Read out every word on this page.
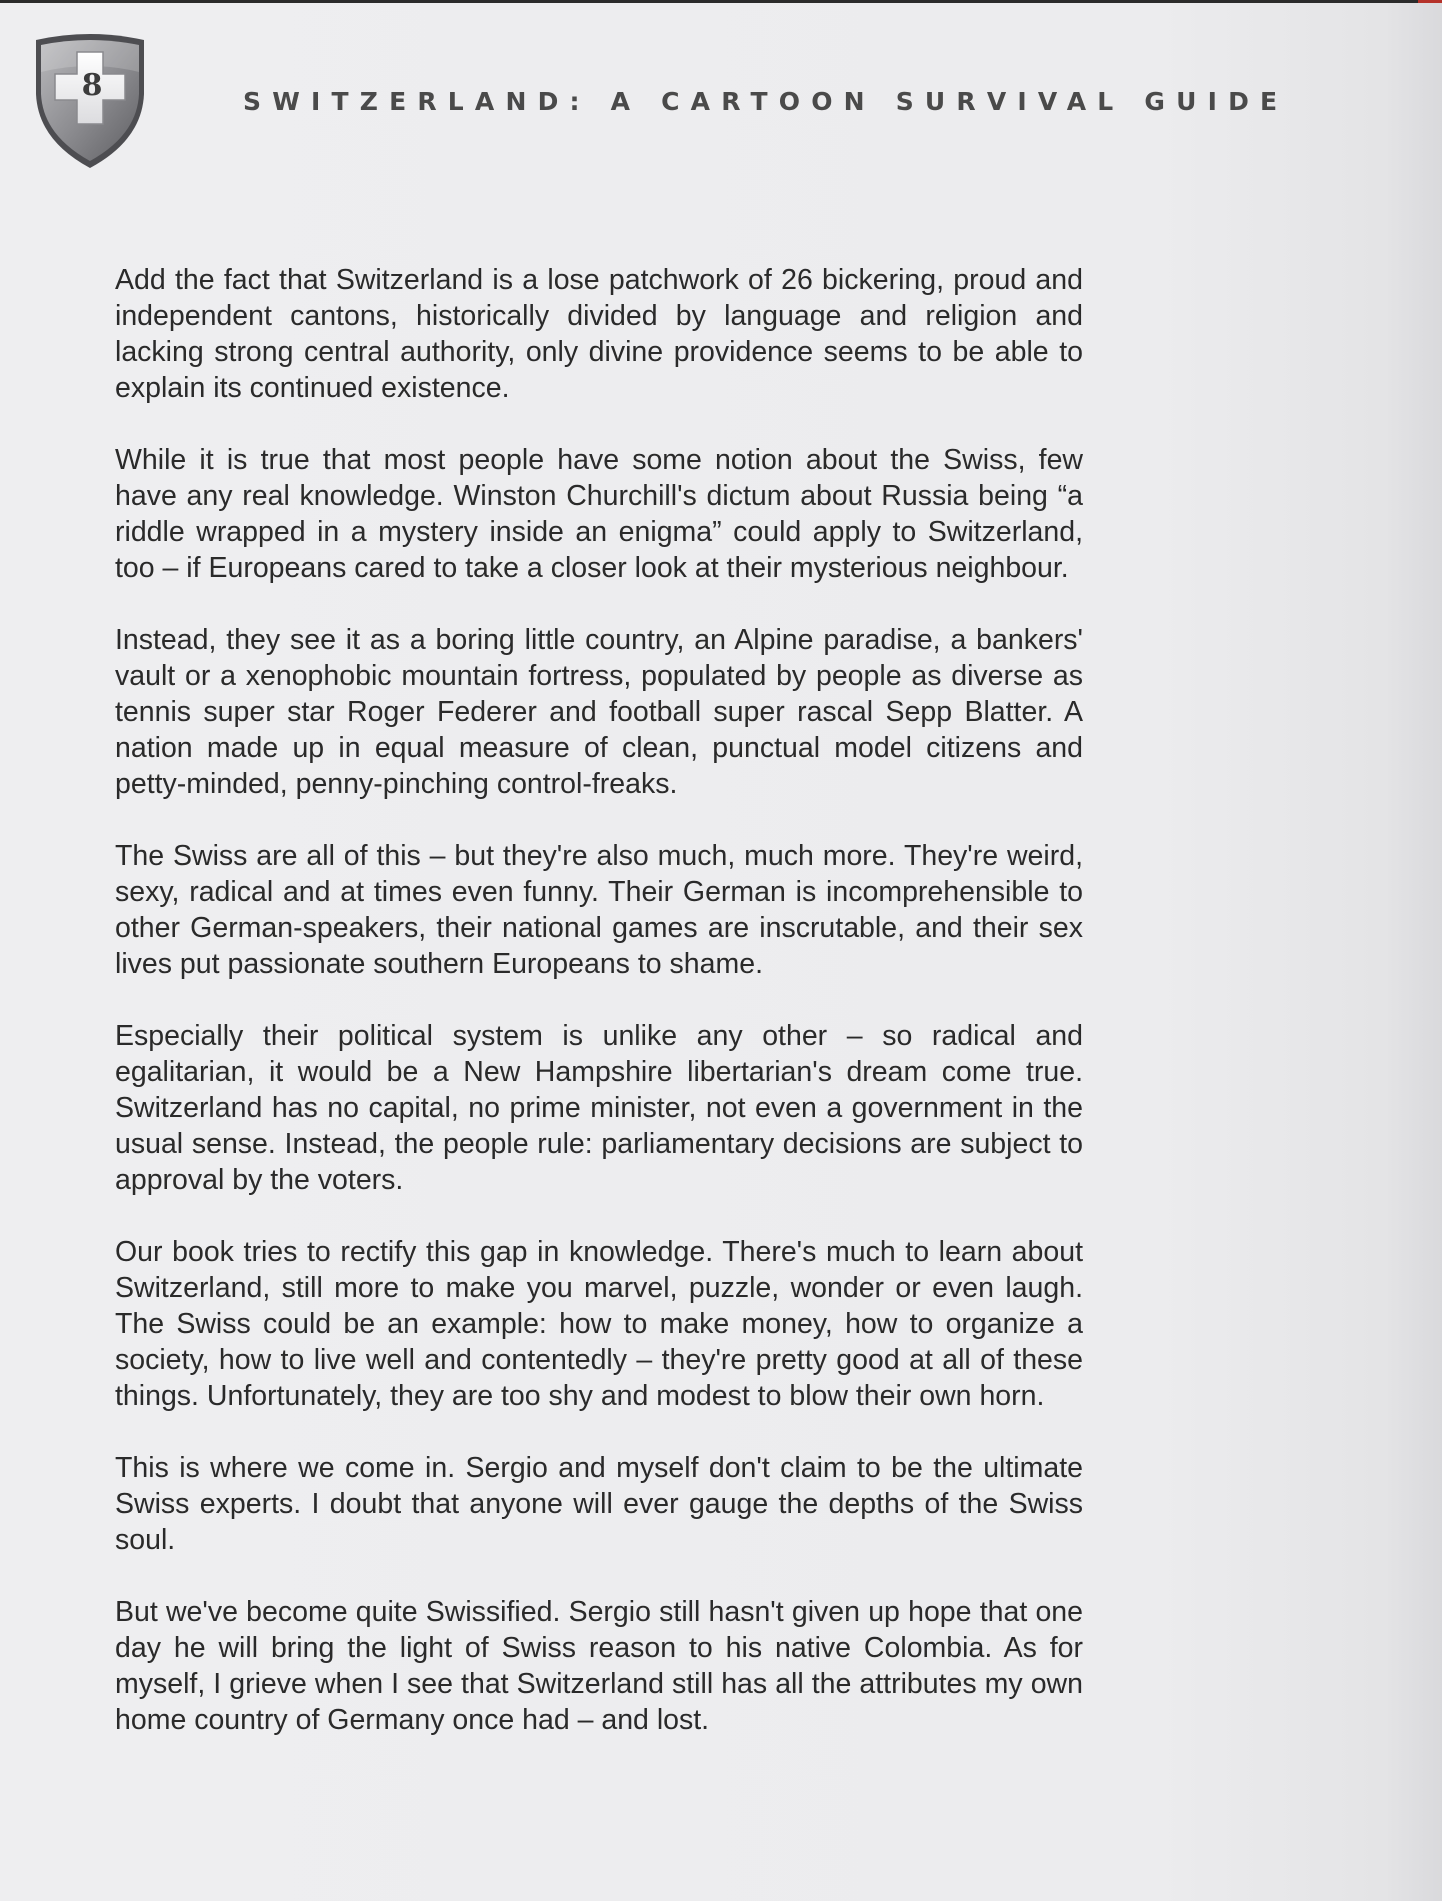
8	SWITZERLAND: A CARTOON SURVIVAL GUIDE

Add the fact that Switzerland is a lose patchwork of 26 bickering, proud and independent cantons, historically divided by language and religion and lacking strong central authority, only divine providence seems to be able to explain its continued existence.

While it is true that most people have some notion about the Swiss, few have any real knowledge. Winston Churchill's dictum about Russia being “a riddle wrapped in a mystery inside an enigma” could apply to Switzerland, too – if Europeans cared to take a closer look at their mysterious neighbour.

Instead, they see it as a boring little country, an Alpine paradise, a bankers' vault or a xenophobic mountain fortress, populated by people as diverse as tennis super star Roger Federer and football super rascal Sepp Blatter. A nation made up in equal measure of clean, punctual model citizens and petty-minded, penny-pinching control-freaks.

The Swiss are all of this – but they're also much, much more. They're weird, sexy, radical and at times even funny. Their German is incomprehensible to other German-speakers, their national games are inscrutable, and their sex lives put passionate southern Europeans to shame.

Especially their political system is unlike any other – so radical and egalitarian, it would be a New Hampshire libertarian's dream come true. Switzerland has no capital, no prime minister, not even a government in the usual sense. Instead, the people rule: parliamentary decisions are subject to approval by the voters.

Our book tries to rectify this gap in knowledge. There's much to learn about Switzerland, still more to make you marvel, puzzle, wonder or even laugh. The Swiss could be an example: how to make money, how to organize a society, how to live well and contentedly – they're pretty good at all of these things. Unfortunately, they are too shy and modest to blow their own horn.

This is where we come in. Sergio and myself don't claim to be the ultimate Swiss experts. I doubt that anyone will ever gauge the depths of the Swiss soul.

But we've become quite Swissified. Sergio still hasn't given up hope that one day he will bring the light of Swiss reason to his native Colombia. As for myself, I grieve when I see that Switzerland still has all the attributes my own home country of Germany once had – and lost.
